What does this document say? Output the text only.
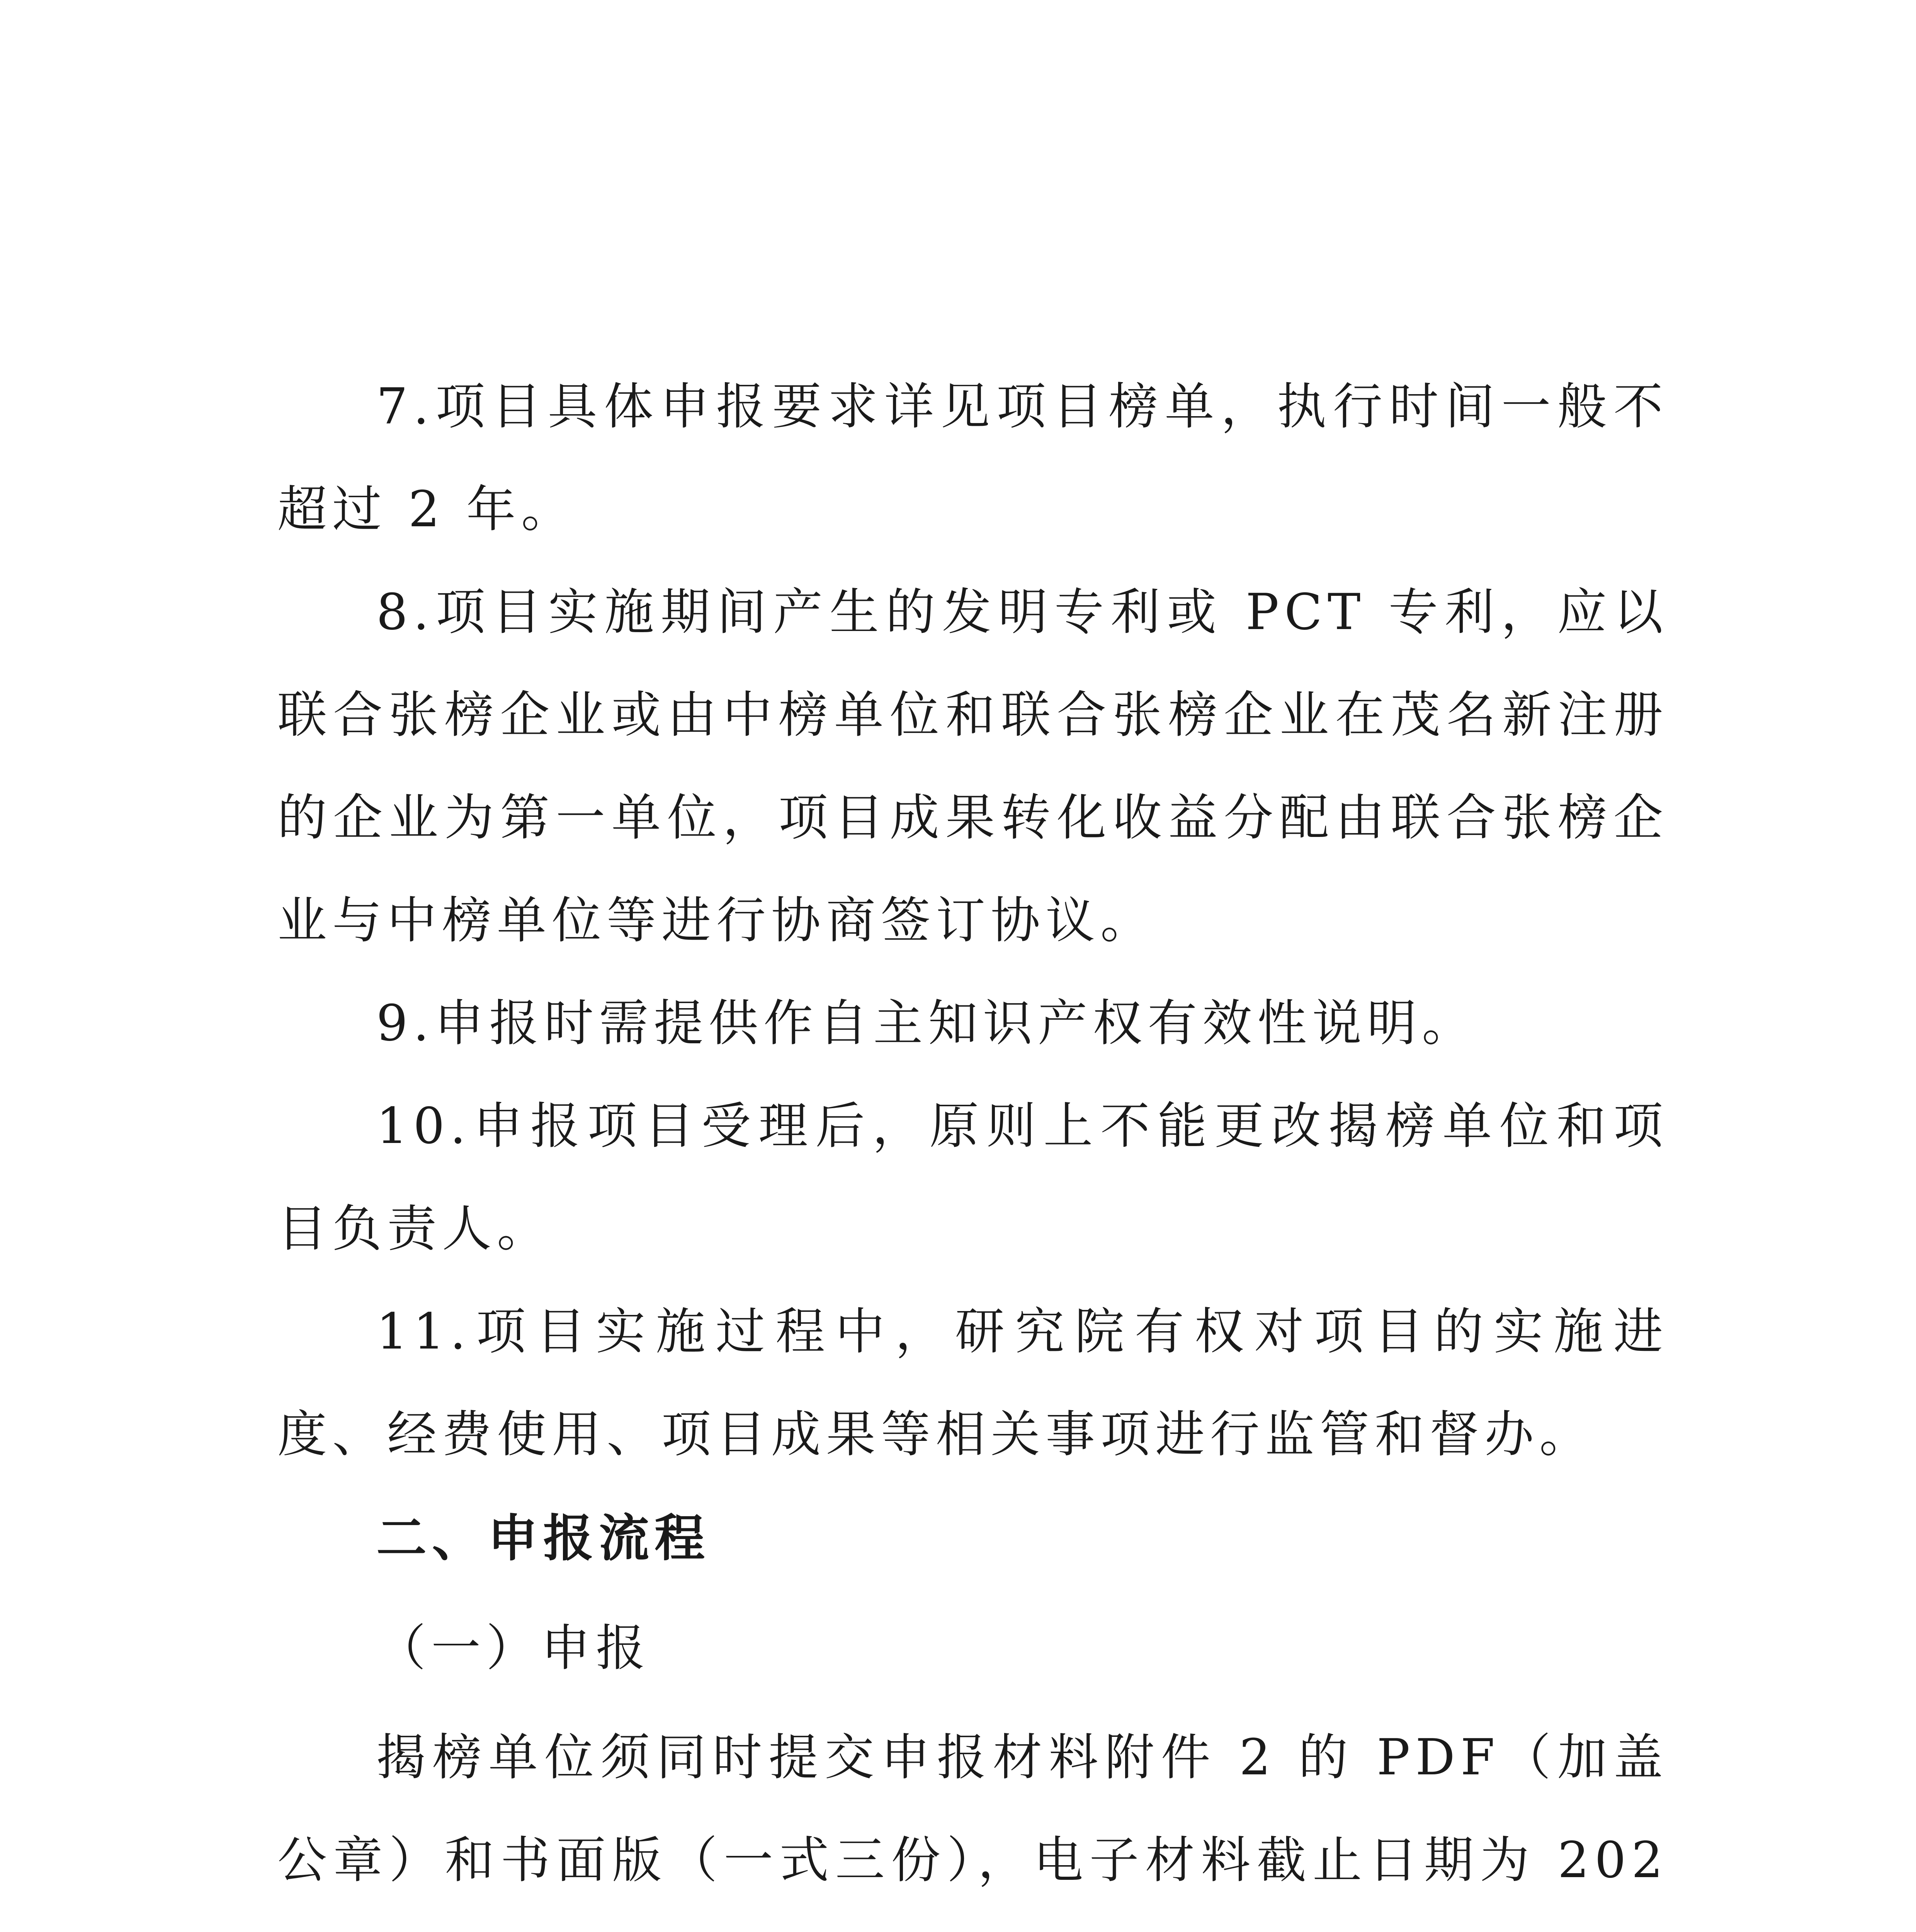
7.项目具体申报要求详见项目榜单，执行时间一般不超过 2 年。

8.项目实施期间产生的发明专利或 PCT 专利，应以联合张榜企业或由中榜单位和联合张榜企业在茂名新注册的企业为第一单位，项目成果转化收益分配由联合张榜企业与中榜单位等进行协商签订协议。

9.申报时需提供作自主知识产权有效性说明。

10.申报项目受理后，原则上不能更改揭榜单位和项目负责人。

11.项目实施过程中，研究院有权对项目的实施进度、经费使用、项目成果等相关事项进行监管和督办。

二、申报流程

（一）申报

揭榜单位须同时提交申报材料附件 2 的 PDF（加盖公章）和书面版（一式三份），电子材料截止日期为 202
